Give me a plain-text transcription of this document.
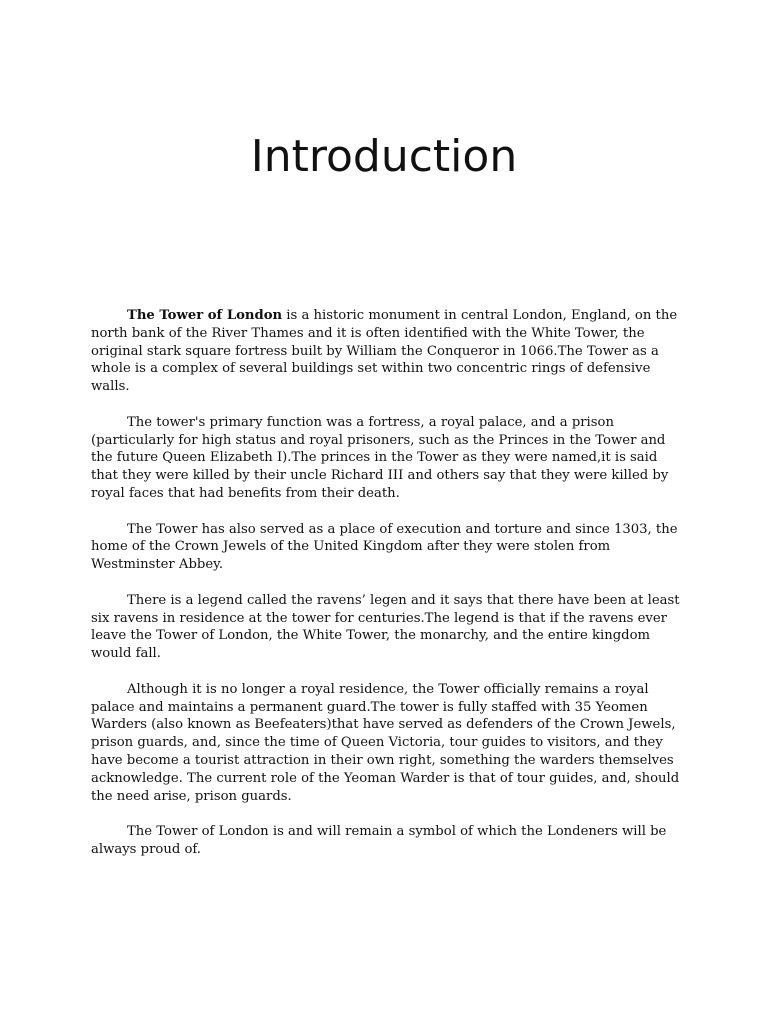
Introduction

The Tower of London is a historic monument in central London, England, on the north bank of the River Thames and it is often identified with the White Tower, the original stark square fortress built by William the Conqueror in 1066.The Tower as a whole is a complex of several buildings set within two concentric rings of defensive walls.

The tower's primary function was a fortress, a royal palace, and a prison (particularly for high status and royal prisoners, such as the Princes in the Tower and the future Queen Elizabeth I).The princes in the Tower as they were named,it is said that they were killed by their uncle Richard III and others say that they were killed by royal faces that had benefits from their death.

The Tower has also served as a place of execution and torture and since 1303, the home of the Crown Jewels of the United Kingdom after they were stolen from Westminster Abbey.

There is a legend called the ravens’ legen and it says that there have been at least six ravens in residence at the tower for centuries.The legend is that if the ravens ever leave the Tower of London, the White Tower, the monarchy, and the entire kingdom would fall.

Although it is no longer a royal residence, the Tower officially remains a royal palace and maintains a permanent guard.The tower is fully staffed with 35 Yeomen Warders (also known as Beefeaters)that have served as defenders of the Crown Jewels, prison guards, and, since the time of Queen Victoria, tour guides to visitors, and they have become a tourist attraction in their own right, something the warders themselves acknowledge. The current role of the Yeoman Warder is that of tour guides, and, should the need arise, prison guards.

The Tower of London is and will remain a symbol of which the Londeners will be always proud of.
